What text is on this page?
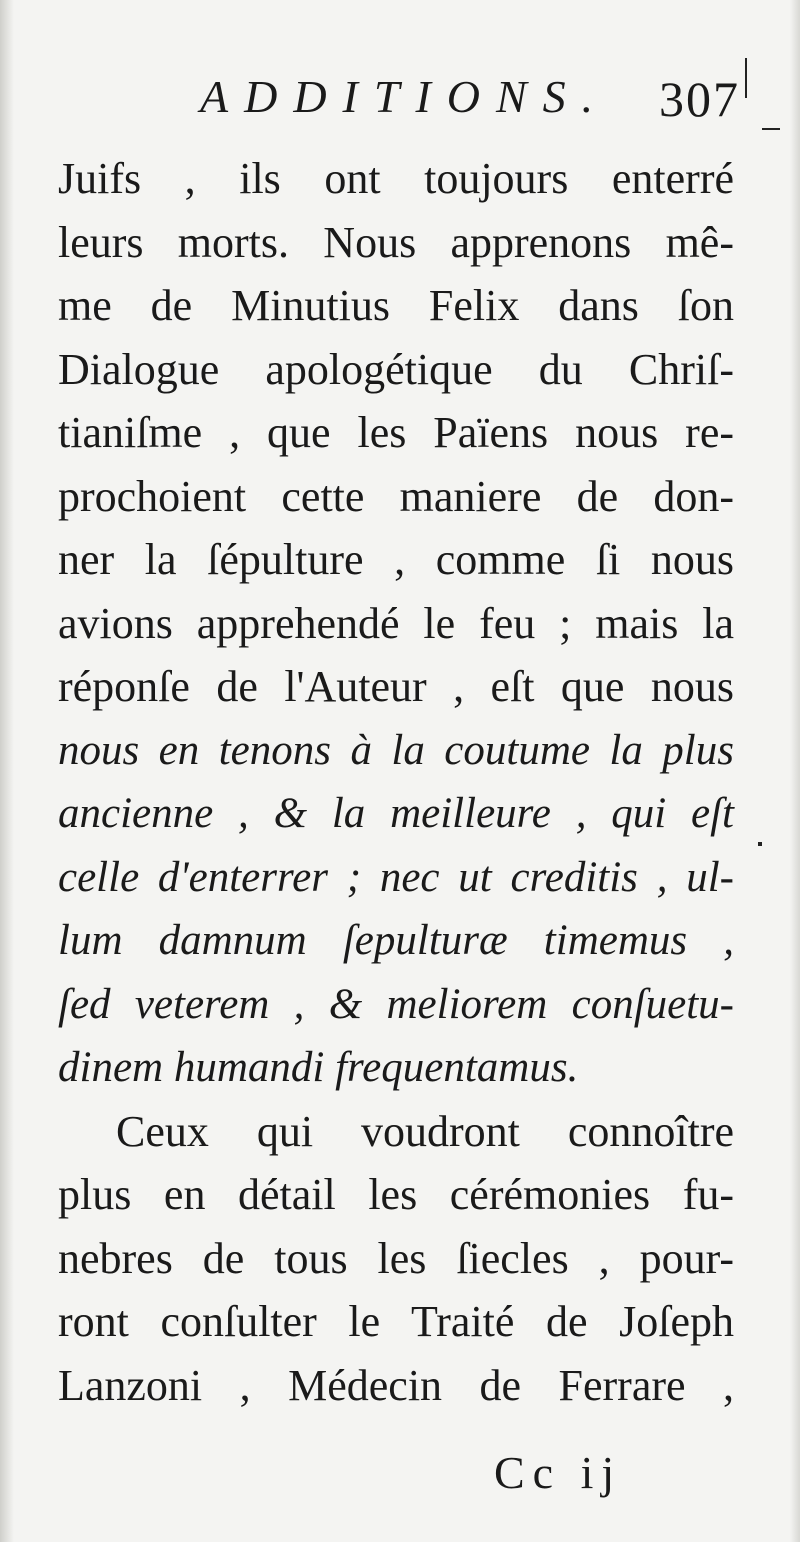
ADDITIONS. 307
Juifs , ils ont toujours enterré
leurs morts. Nous apprenons mê-
me de Minutius Felix dans ſon
Dialogue apologétique du Chriſ-
tianiſme , que les Païens nous re-
prochoient cette maniere de don-
ner la ſépulture , comme ſi nous
avions apprehendé le feu ; mais la
réponſe de l'Auteur , eſt que nous
nous en tenons à la coutume la plus
ancienne , & la meilleure , qui eſt
celle d'enterrer ; nec ut creditis , ul-
lum damnum ſepulturæ timemus ,
ſed veterem , & meliorem conſuetu-
dinem humandi frequentamus.
Ceux qui voudront connoître
plus en détail les cérémonies fu-
nebres de tous les ſiecles , pour-
ront conſulter le Traité de Joſeph
Lanzoni , Médecin de Ferrare ,
Cc ij
